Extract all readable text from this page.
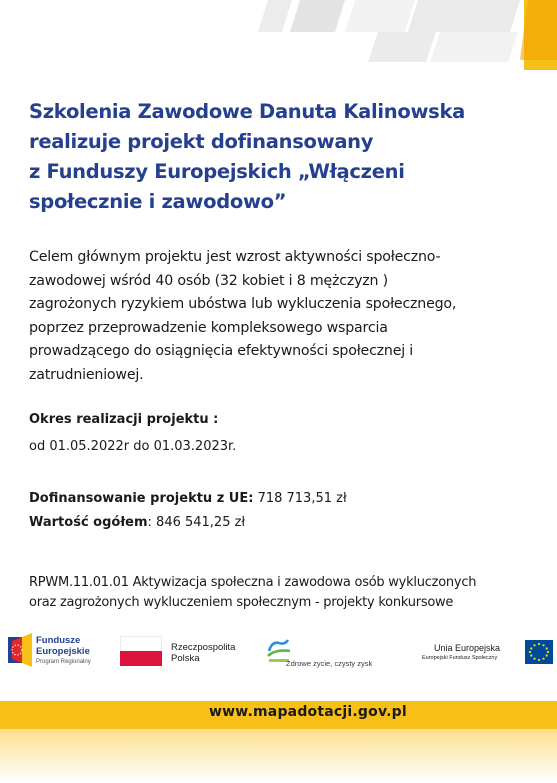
Szkolenia Zawodowe Danuta Kalinowska
realizuje projekt dofinansowany
z Funduszy Europejskich „Włączeni
społecznie i zawodowo”

Celem głównym projektu jest wzrost aktywności społeczno-
zawodowej wśród 40 osób (32 kobiet i 8 mężczyzn )
zagrożonych ryzykiem ubóstwa lub wykluczenia społecznego,
poprzez przeprowadzenie kompleksowego wsparcia
prowadzącego do osiągnięcia efektywności społecznej i
zatrudnieniowej.

Okres realizacji projektu :

od 01.05.2022r do 01.03.2023r.

Dofinansowanie projektu z UE: 718 713,51 zł

Wartość ogółem: 846 541,25 zł

RPWM.11.01.01 Aktywizacja społeczna i zawodowa osób wykluczonych
oraz zagrożonych wykluczeniem społecznym - projekty konkursowe

Fundusze
Europejskie
Program Regionalny
Rzeczpospolita
Polska	Zdrowe życie, czysty zysk
Unia Europejska
Europejski Fundusz Społeczny

www.mapadotacji.gov.pl
